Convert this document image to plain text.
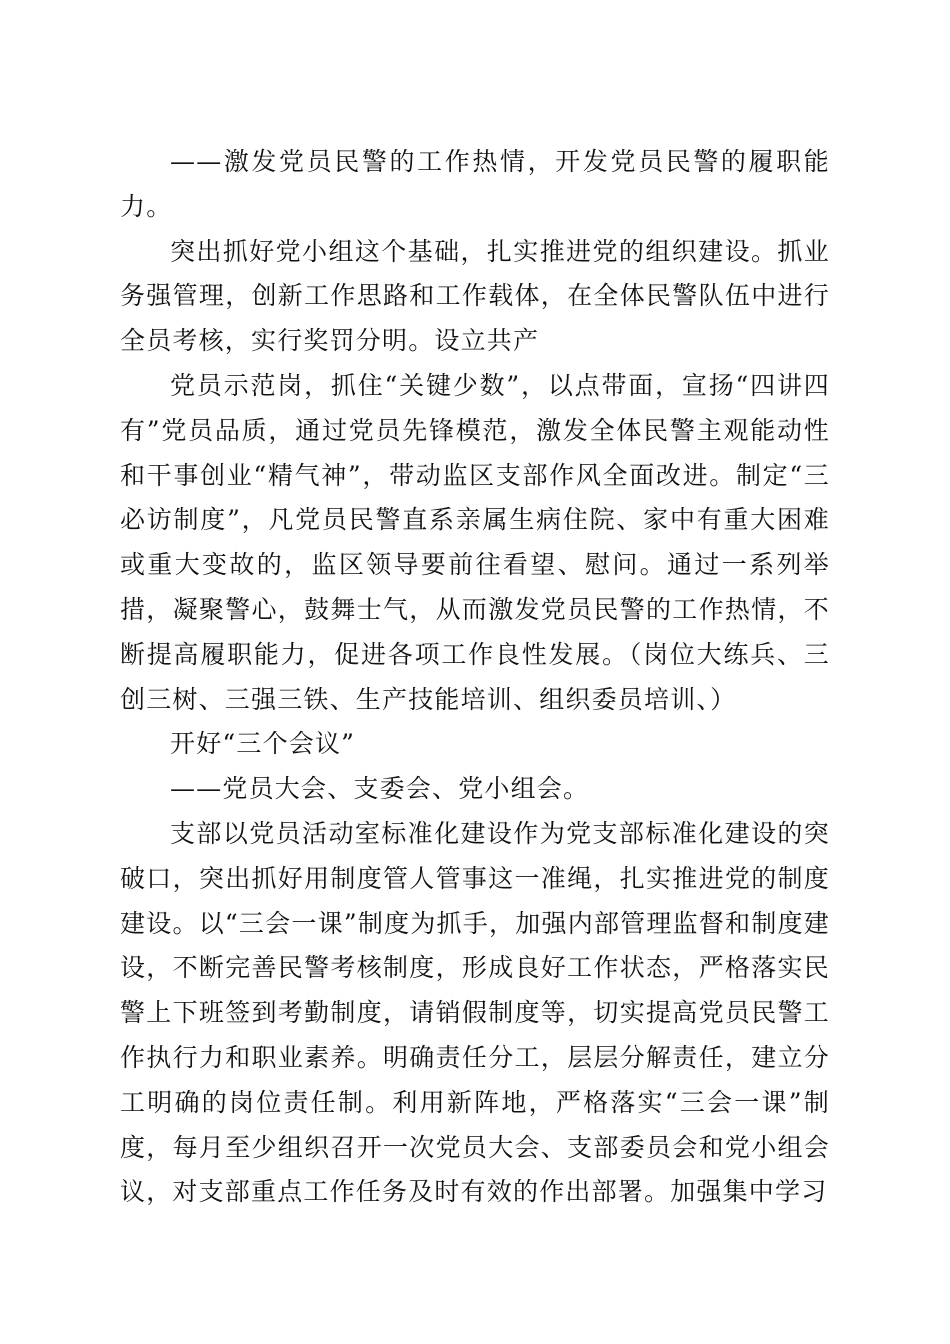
——激发党员民警的工作热情，开发党员民警的履职能力。

突出抓好党小组这个基础，扎实推进党的组织建设。抓业务强管理，创新工作思路和工作载体，在全体民警队伍中进行全员考核，实行奖罚分明。设立共产

党员示范岗，抓住“关键少数”，以点带面，宣扬“四讲四有”党员品质，通过党员先锋模范，激发全体民警主观能动性和干事创业“精气神”，带动监区支部作风全面改进。制定“三必访制度”，凡党员民警直系亲属生病住院、家中有重大困难或重大变故的，监区领导要前往看望、慰问。通过一系列举措，凝聚警心，鼓舞士气，从而激发党员民警的工作热情，不断提高履职能力，促进各项工作良性发展。（岗位大练兵、三创三树、三强三铁、生产技能培训、组织委员培训、）

开好“三个会议”

——党员大会、支委会、党小组会。

支部以党员活动室标准化建设作为党支部标准化建设的突破口，突出抓好用制度管人管事这一准绳，扎实推进党的制度建设。以“三会一课”制度为抓手，加强内部管理监督和制度建设，不断完善民警考核制度，形成良好工作状态，严格落实民警上下班签到考勤制度，请销假制度等，切实提高党员民警工作执行力和职业素养。明确责任分工，层层分解责任，建立分工明确的岗位责任制。利用新阵地，严格落实“三会一课”制度，每月至少组织召开一次党员大会、支部委员会和党小组会议，对支部重点工作任务及时有效的作出部署。加强集中学习
